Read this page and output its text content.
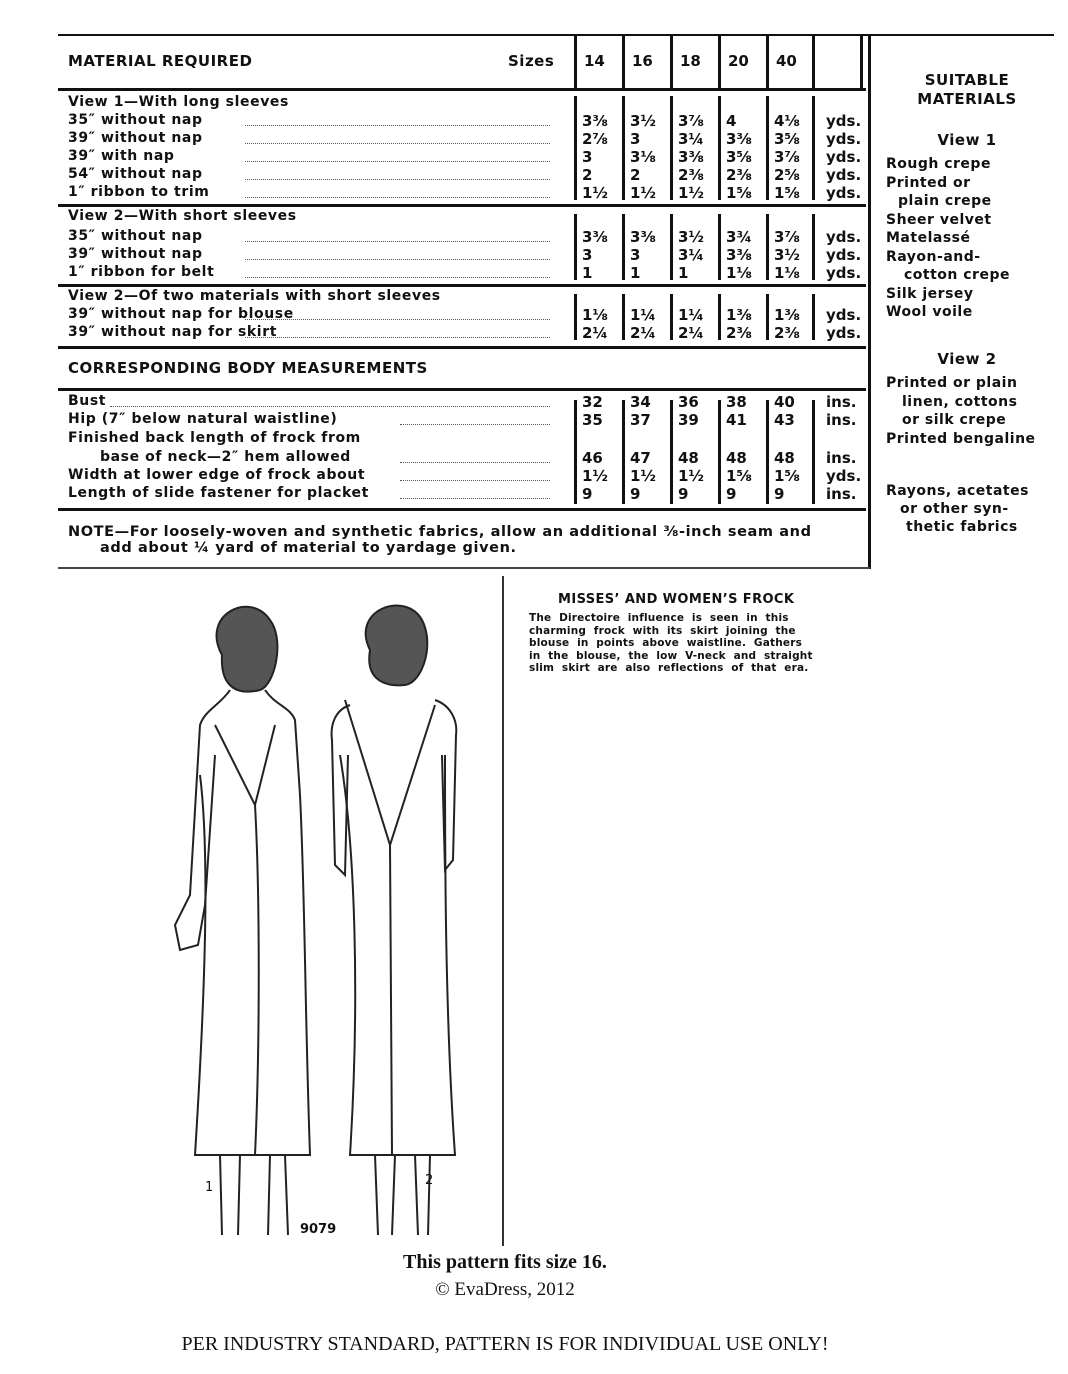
MATERIAL REQUIRED	Sizes 14 16 18 20 40
View 1—With long sleeves
35″ without nap	3⅜ 3½ 3⅞ 4	4⅛ yds.
39″ without nap	2⅞ 3	3¼ 3⅜ 3⅝ yds.
39″ with nap	3	3⅛ 3⅜ 3⅝ 3⅞ yds.
54″ without nap	2	2	2⅜ 2⅜ 2⅝ yds.
1″ ribbon to trim	1½ 1½ 1½ 1⅝ 1⅝ yds.
View 2—With short sleeves
35″ without nap	3⅜ 3⅜ 3½ 3¾ 3⅞ yds.
39″ without nap	3	3	3¼ 3⅜ 3½ yds.
1″ ribbon for belt	1	1	1	1⅛ 1⅛ yds.
View 2—Of two materials with short sleeves
39″ without nap for blouse	1⅛ 1¼ 1¼ 1⅜ 1⅜ yds.
39″ without nap for skirt	2¼ 2¼ 2¼ 2⅜ 2⅜ yds.
Bust	32 34 36 38 40 ins.
Hip (7″ below natural waistline)	35 37 39 41 43 ins.
Finished back length of frock from
base of neck—2″ hem allowed	46 47 48 48 48 ins.
Width at lower edge of frock about	1½ 1½ 1½ 1⅝ 1⅝ yds.
Length of slide fastener for placket	9	9	9	9	9	ins.
CORRESPONDING BODY MEASUREMENTS
NOTE—For loosely-woven and synthetic fabrics, allow an additional ⅜-inch seam and
add about ¼ yard of material to yardage given.
SUITABLE
MATERIALS
View 1
Rough crepe
Printed or
plain crepe
Sheer velvet
Matelassé
Rayon-and-
cotton crepe
Silk jersey
Wool voile
View 2
Printed or plain
linen, cottons
or silk crepe
Printed bengaline
Rayons, acetates
or other syn-
thetic fabrics
MISSES’ AND WOMEN’S FROCK
The  Directoire  influence  is  seen  in  this
charming  frock  with  its  skirt  joining  the
blouse  in  points  above  waistline.  Gathers
in  the  blouse,  the  low  V-neck  and  straight
slim  skirt  are  also  reflections  of  that  era.
1	2
9079
This pattern fits size 16.
© EvaDress, 2012
PER INDUSTRY STANDARD, PATTERN IS FOR INDIVIDUAL USE ONLY!
